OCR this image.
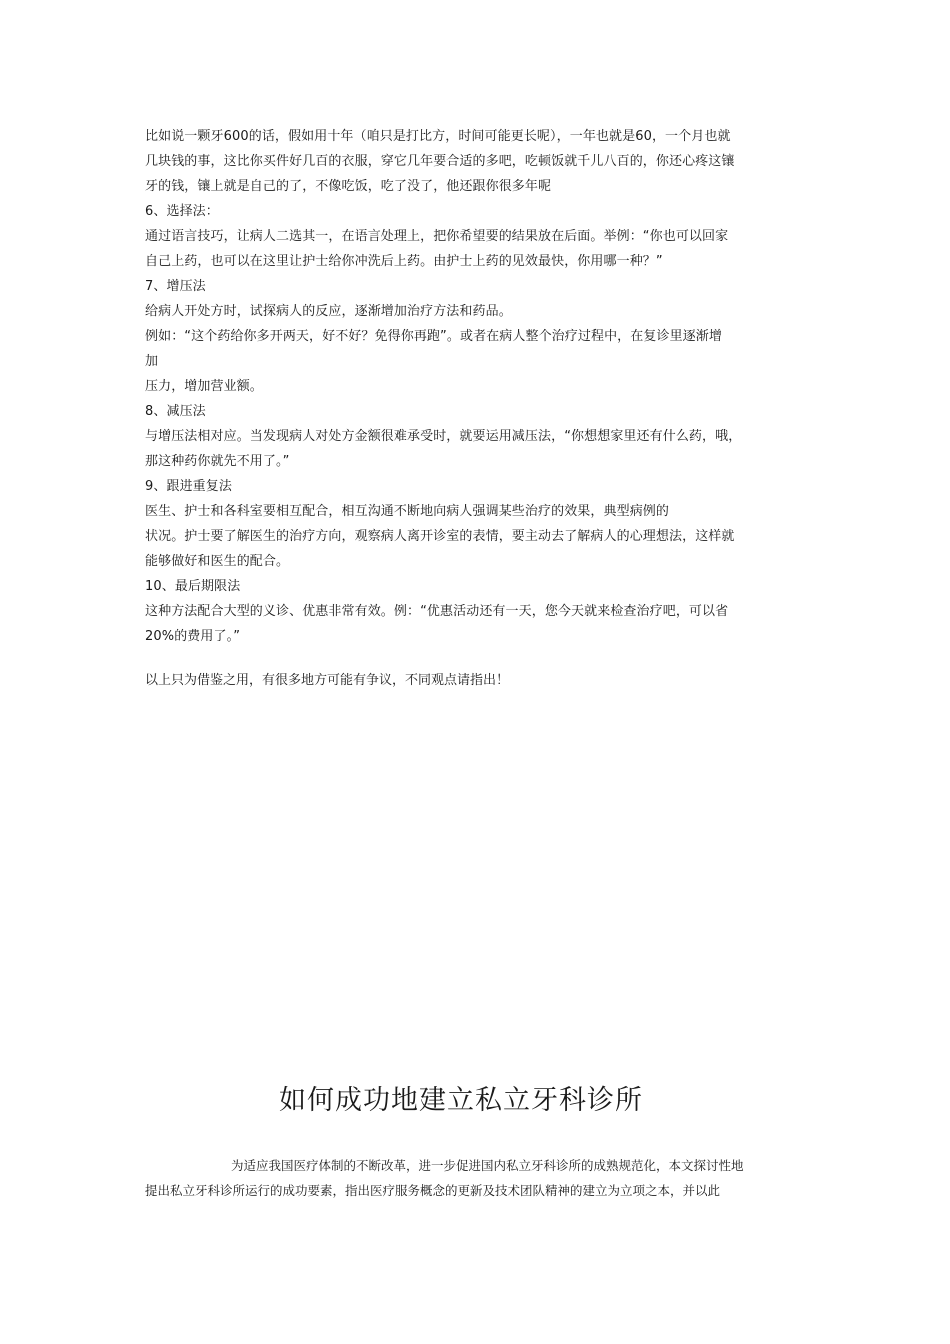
比如说一颗牙600的话，假如用十年（咱只是打比方，时间可能更长呢），一年也就是60，一个月也就

几块钱的事，这比你买件好几百的衣服，穿它几年要合适的多吧，吃顿饭就千儿八百的，你还心疼这镶

牙的钱，镶上就是自己的了，不像吃饭，吃了没了，他还跟你很多年呢

6、选择法：

通过语言技巧，让病人二选其一，在语言处理上，把你希望要的结果放在后面。举例：“你也可以回家

自己上药，也可以在这里让护士给你冲洗后上药。由护士上药的见效最快，你用哪一种？”

7、增压法

给病人开处方时，试探病人的反应，逐渐增加治疗方法和药品。

例如：“这个药给你多开两天，好不好？免得你再跑”。或者在病人整个治疗过程中，在复诊里逐渐增

加

压力，增加营业额。

8、减压法

与增压法相对应。当发现病人对处方金额很难承受时，就要运用减压法，“你想想家里还有什么药，哦，

那这种药你就先不用了。”

9、跟进重复法

医生、护士和各科室要相互配合，相互沟通不断地向病人强调某些治疗的效果，典型病例的

状况。护士要了解医生的治疗方向，观察病人离开诊室的表情，要主动去了解病人的心理想法，这样就

能够做好和医生的配合。

10、最后期限法

这种方法配合大型的义诊、优惠非常有效。例：“优惠活动还有一天，您今天就来检查治疗吧，可以省

20%的费用了。”

以上只为借鉴之用，有很多地方可能有争议，不同观点请指出！
如何成功地建立私立牙科诊所

为适应我国医疗体制的不断改革，进一步促进国内私立牙科诊所的成熟规范化，本文探讨性地

提出私立牙科诊所运行的成功要素，指出医疗服务概念的更新及技术团队精神的建立为立项之本，并以此
